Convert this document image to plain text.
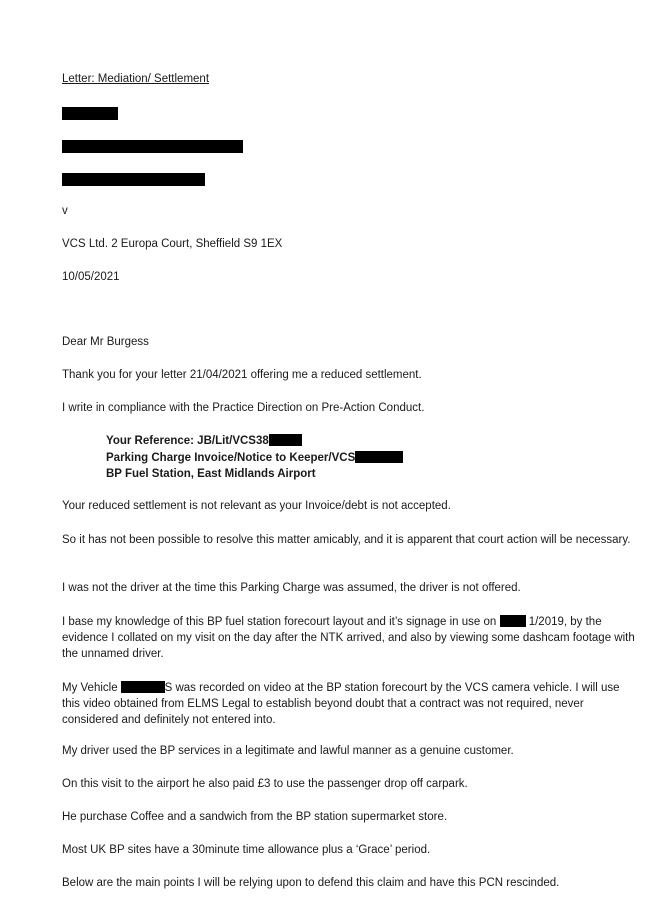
Letter: Mediation/ Settlement
v
VCS Ltd. 2 Europa Court, Sheffield S9 1EX
10/05/2021
Dear Mr Burgess
Thank you for your letter 21/04/2021 offering me a reduced settlement.
I write in compliance with the Practice Direction on Pre-Action Conduct.
Your Reference: JB/Lit/VCS38
Parking Charge Invoice/Notice to Keeper/VCS
BP Fuel Station, East Midlands Airport
Your reduced settlement is not relevant as your Invoice/debt is not accepted.
So it has not been possible to resolve this matter amicably, and it is apparent that court action will be necessary.
I was not the driver at the time this Parking Charge was assumed, the driver is not offered.
I base my knowledge of this BP fuel station forecourt layout and it’s signage in use on	1/2019, by the evidence I collated on my visit on the day after the NTK arrived, and also by viewing some dashcam footage with the unnamed driver.
My Vehicle	S was recorded on video at the BP station forecourt by the VCS camera vehicle. I will use this video obtained from ELMS Legal to establish beyond doubt that a contract was not required, never considered and definitely not entered into.
My driver used the BP services in a legitimate and lawful manner as a genuine customer.
On this visit to the airport he also paid £3 to use the passenger drop off carpark.
He purchase Coffee and a sandwich from the BP station supermarket store.
Most UK BP sites have a 30minute time allowance plus a ‘Grace’ period.
Below are the main points I will be relying upon to defend this claim and have this PCN rescinded.
